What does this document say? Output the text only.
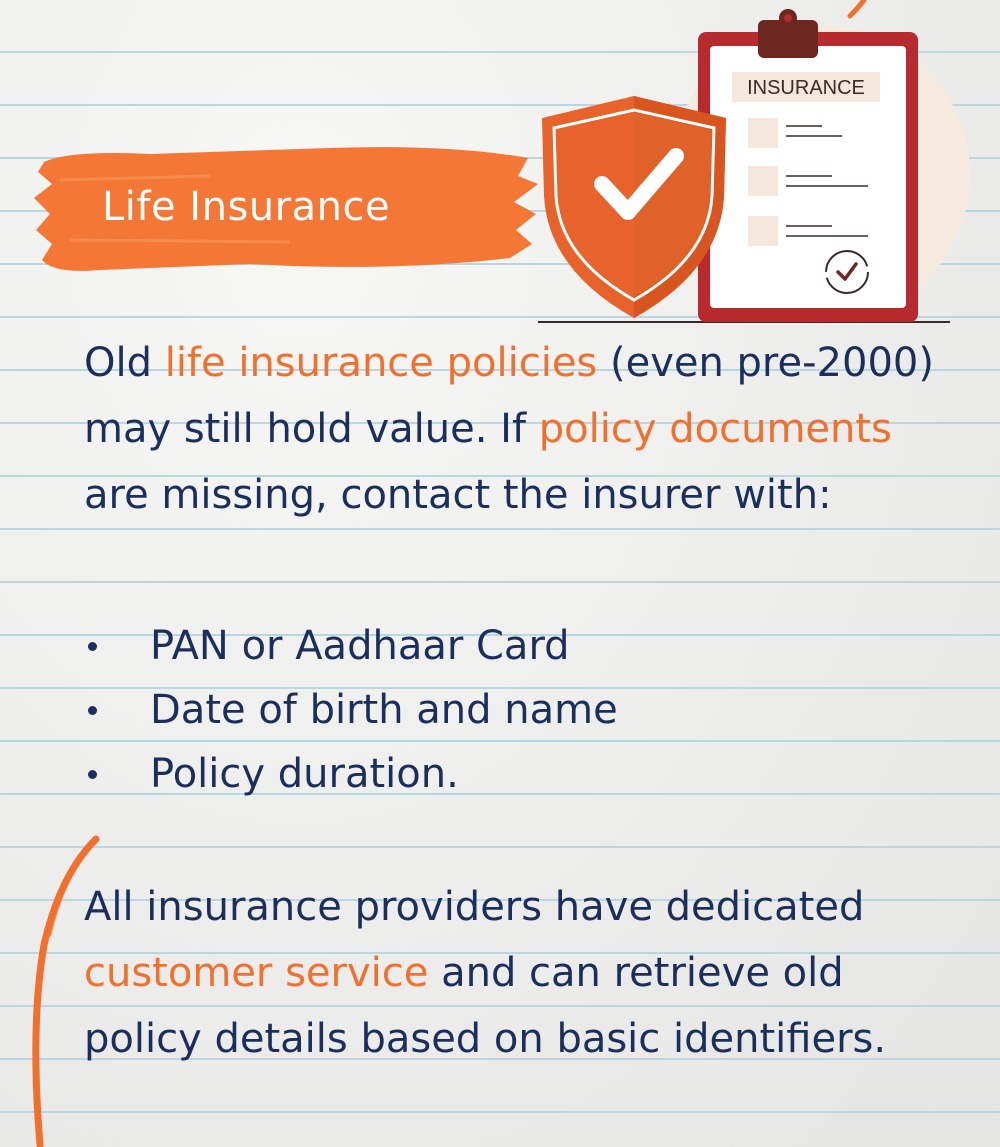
INSURANCE
Life Insurance

Old life insurance policies (even pre-2000) may still hold value. If policy documents are missing, contact the insurer with:

PAN or Aadhaar Card
Date of birth and name
Policy duration.

All insurance providers have dedicated customer service and can retrieve old policy details based on basic identifiers.
